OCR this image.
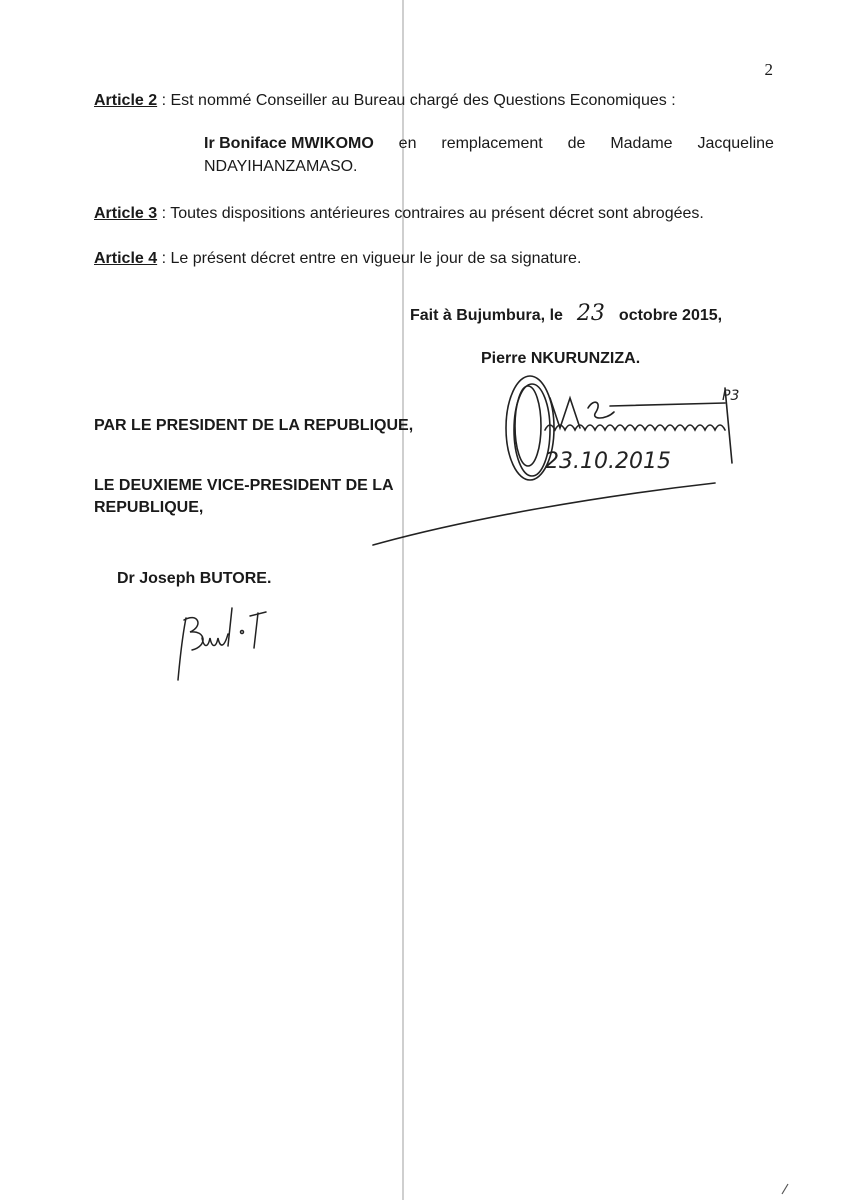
2
Article 2 : Est nommé Conseiller au Bureau chargé des Questions Economiques :
Ir Boniface MWIKOMO en remplacement de Madame Jacqueline
NDAYIHANZAMASO.
Article 3 : Toutes dispositions antérieures contraires au présent décret sont abrogées.
Article 4 : Le présent décret entre en vigueur le jour de sa signature.
Fait à Bujumbura, le 23 octobre 2015,
Pierre NKURUNZIZA.
23.10.2015
P3
PAR LE PRESIDENT DE LA REPUBLIQUE,
LE DEUXIEME VICE-PRESIDENT DE LA
REPUBLIQUE,
Dr Joseph BUTORE.
